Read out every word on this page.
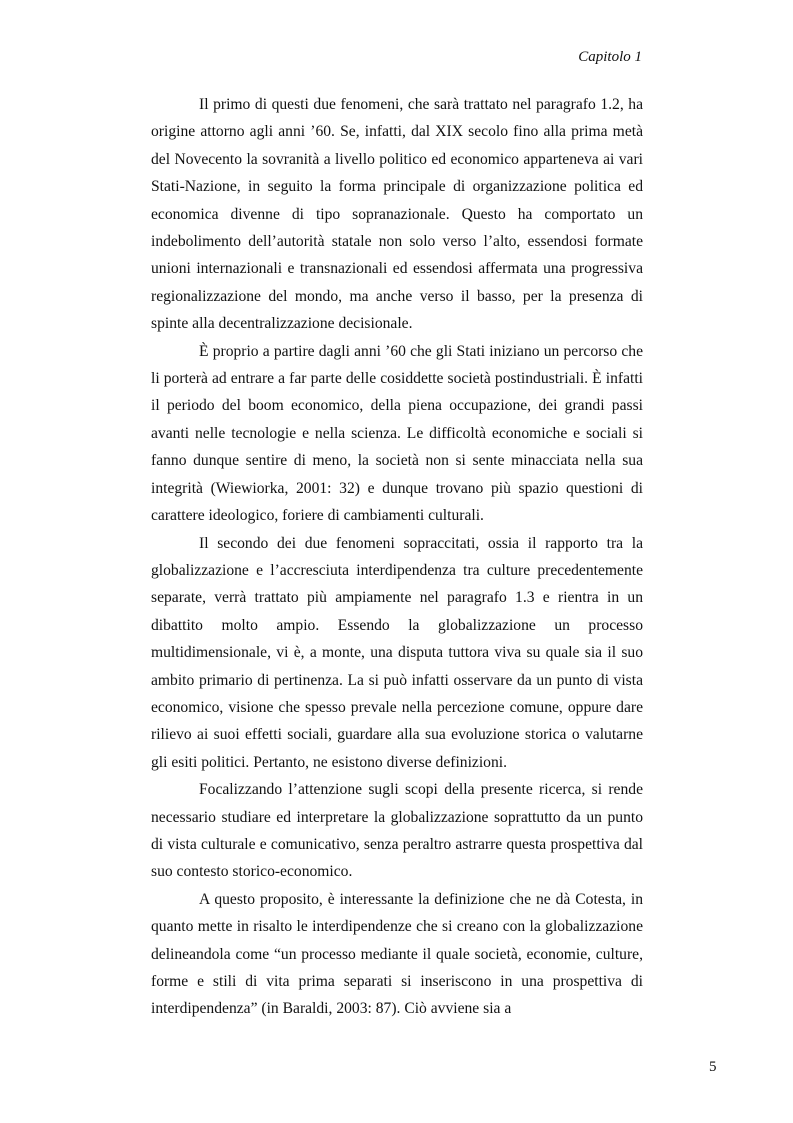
Capitolo 1

Il primo di questi due fenomeni, che sarà trattato nel paragrafo 1.2, ha origine attorno agli anni ’60. Se, infatti, dal XIX secolo fino alla prima metà del Novecento la sovranità a livello politico ed economico apparteneva ai vari Stati-Nazione, in seguito la forma principale di organizzazione politica ed economica divenne di tipo sopranazionale. Questo ha comportato un indebolimento dell’autorità statale non solo verso l’alto, essendosi formate unioni internazionali e transnazionali ed essendosi affermata una progressiva regionalizzazione del mondo, ma anche verso il basso, per la presenza di spinte alla decentralizzazione decisionale.

È proprio a partire dagli anni ’60 che gli Stati iniziano un percorso che li porterà ad entrare a far parte delle cosiddette società postindustriali. È infatti il periodo del boom economico, della piena occupazione, dei grandi passi avanti nelle tecnologie e nella scienza. Le difficoltà economiche e sociali si fanno dunque sentire di meno, la società non si sente minacciata nella sua integrità (Wiewiorka, 2001: 32) e dunque trovano più spazio questioni di carattere ideologico, foriere di cambiamenti culturali.

Il secondo dei due fenomeni sopraccitati, ossia il rapporto tra la globalizzazione e l’accresciuta interdipendenza tra culture precedentemente separate, verrà trattato più ampiamente nel paragrafo 1.3 e rientra in un dibattito molto ampio. Essendo la globalizzazione un processo multidimensionale, vi è, a monte, una disputa tuttora viva su quale sia il suo ambito primario di pertinenza. La si può infatti osservare da un punto di vista economico, visione che spesso prevale nella percezione comune, oppure dare rilievo ai suoi effetti sociali, guardare alla sua evoluzione storica o valutarne gli esiti politici. Pertanto, ne esistono diverse definizioni.

Focalizzando l’attenzione sugli scopi della presente ricerca, si rende necessario studiare ed interpretare la globalizzazione soprattutto da un punto di vista culturale e comunicativo, senza peraltro astrarre questa prospettiva dal suo contesto storico-economico.

A questo proposito, è interessante la definizione che ne dà Cotesta, in quanto mette in risalto le interdipendenze che si creano con la globalizzazione delineandola come “un processo mediante il quale società, economie, culture, forme e stili di vita prima separati si inseriscono in una prospettiva di interdipendenza” (in Baraldi, 2003: 87). Ciò avviene sia a

5
